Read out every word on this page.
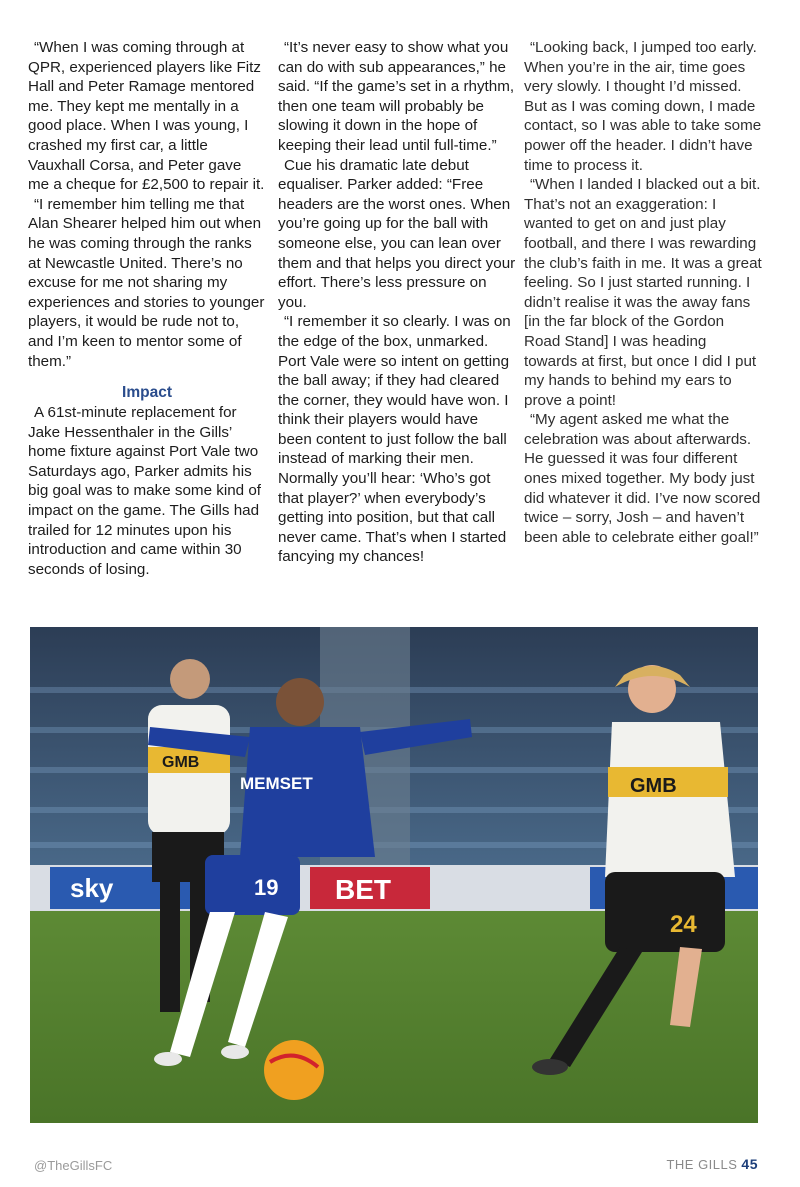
“When I was coming through at QPR, experienced players like Fitz Hall and Peter Ramage mentored me. They kept me mentally in a good place. When I was young, I crashed my first car, a little Vauxhall Corsa, and Peter gave me a cheque for £2,500 to repair it.

“I remember him telling me that Alan Shearer helped him out when he was coming through the ranks at Newcastle United. There’s no excuse for me not sharing my experiences and stories to younger players, it would be rude not to, and I’m keen to mentor some of them.”

Impact

A 61st-minute replacement for Jake Hessenthaler in the Gills’ home fixture against Port Vale two Saturdays ago, Parker admits his big goal was to make some kind of impact on the game. The Gills had trailed for 12 minutes upon his introduction and came within 30 seconds of losing.

“It’s never easy to show what you can do with sub appearances,” he said. “If the game’s set in a rhythm, then one team will probably be slowing it down in the hope of keeping their lead until full-time.”

Cue his dramatic late debut equaliser. Parker added: “Free headers are the worst ones. When you’re going up for the ball with someone else, you can lean over them and that helps you direct your effort. There’s less pressure on you.

“I remember it so clearly. I was on the edge of the box, unmarked. Port Vale were so intent on getting the ball away; if they had cleared the corner, they would have won. I think their players would have been content to just follow the ball instead of marking their men. Normally you’ll hear: ‘Who’s got that player?’ when everybody’s getting into position, but that call never came. That’s when I started fancying my chances!

“Looking back, I jumped too early. When you’re in the air, time goes very slowly. I thought I’d missed. But as I was coming down, I made contact, so I was able to take some power off the header. I didn’t have time to process it.

“When I landed I blacked out a bit. That’s not an exaggeration: I wanted to get on and just play football, and there I was rewarding the club’s faith in me. It was a great feeling. So I just started running. I didn’t realise it was the away fans [in the far block of the Gordon Road Stand] I was heading towards at first, but once I did I put my hands to behind my ears to prove a point!

“My agent asked me what the celebration was about afterwards. He guessed it was four different ones mixed together. My body just did whatever it did. I’ve now scored twice – sorry, Josh – and haven’t been able to celebrate either goal!”

sky	BET
GMB
MEMSET
19
GMB
24
@TheGillsFC	THE GILLS 45
